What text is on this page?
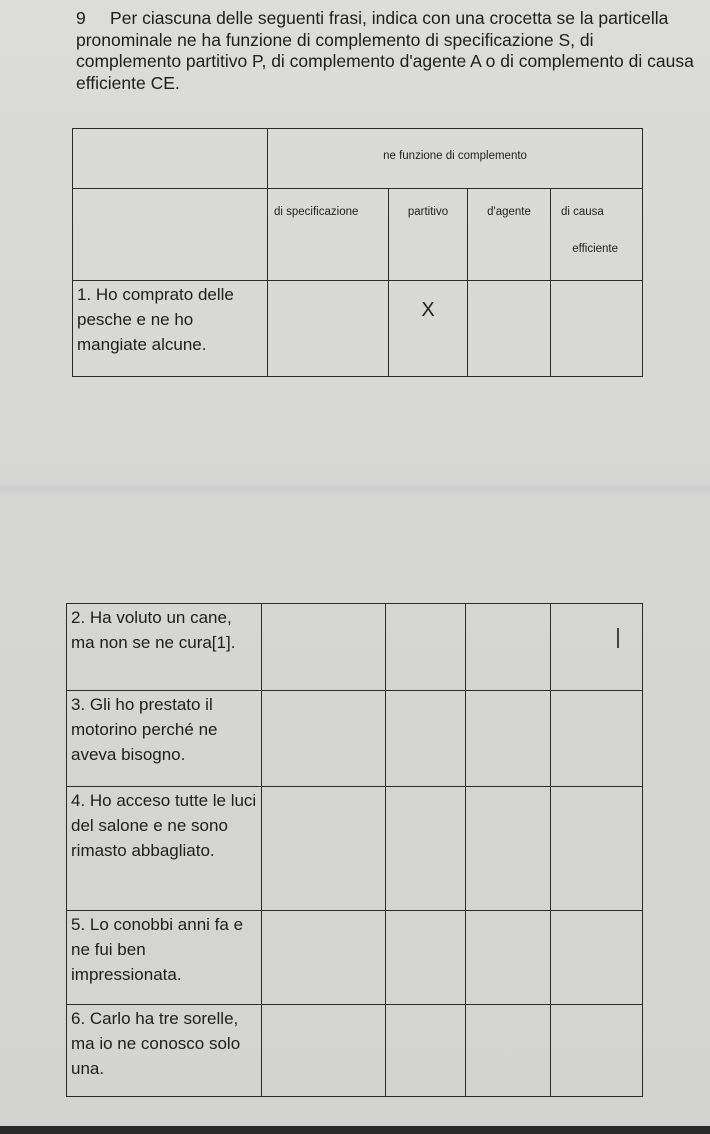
9 Per ciascuna delle seguenti frasi, indica con una crocetta se la particella pronominale ne ha funzione di complemento di specificazione S, di complemento partitivo P, di complemento d'agente A o di complemento di causa efficiente CE.
	ne funzione di complemento			
	di specificazione	partitivo	d'agente	di causa
efficiente

1. Ho comprato delle pesche e ne ho mangiate alcune.		X		
2. Ha voluto un cane, ma non se ne cura[1].				
3. Gli ho prestato il motorino perché ne aveva bisogno.				
4. Ho acceso tutte le luci del salone e ne sono rimasto abbagliato.				
5. Lo conobbi anni fa e ne fui ben impressionata.				
6. Carlo ha tre sorelle, ma io ne conosco solo una.				
